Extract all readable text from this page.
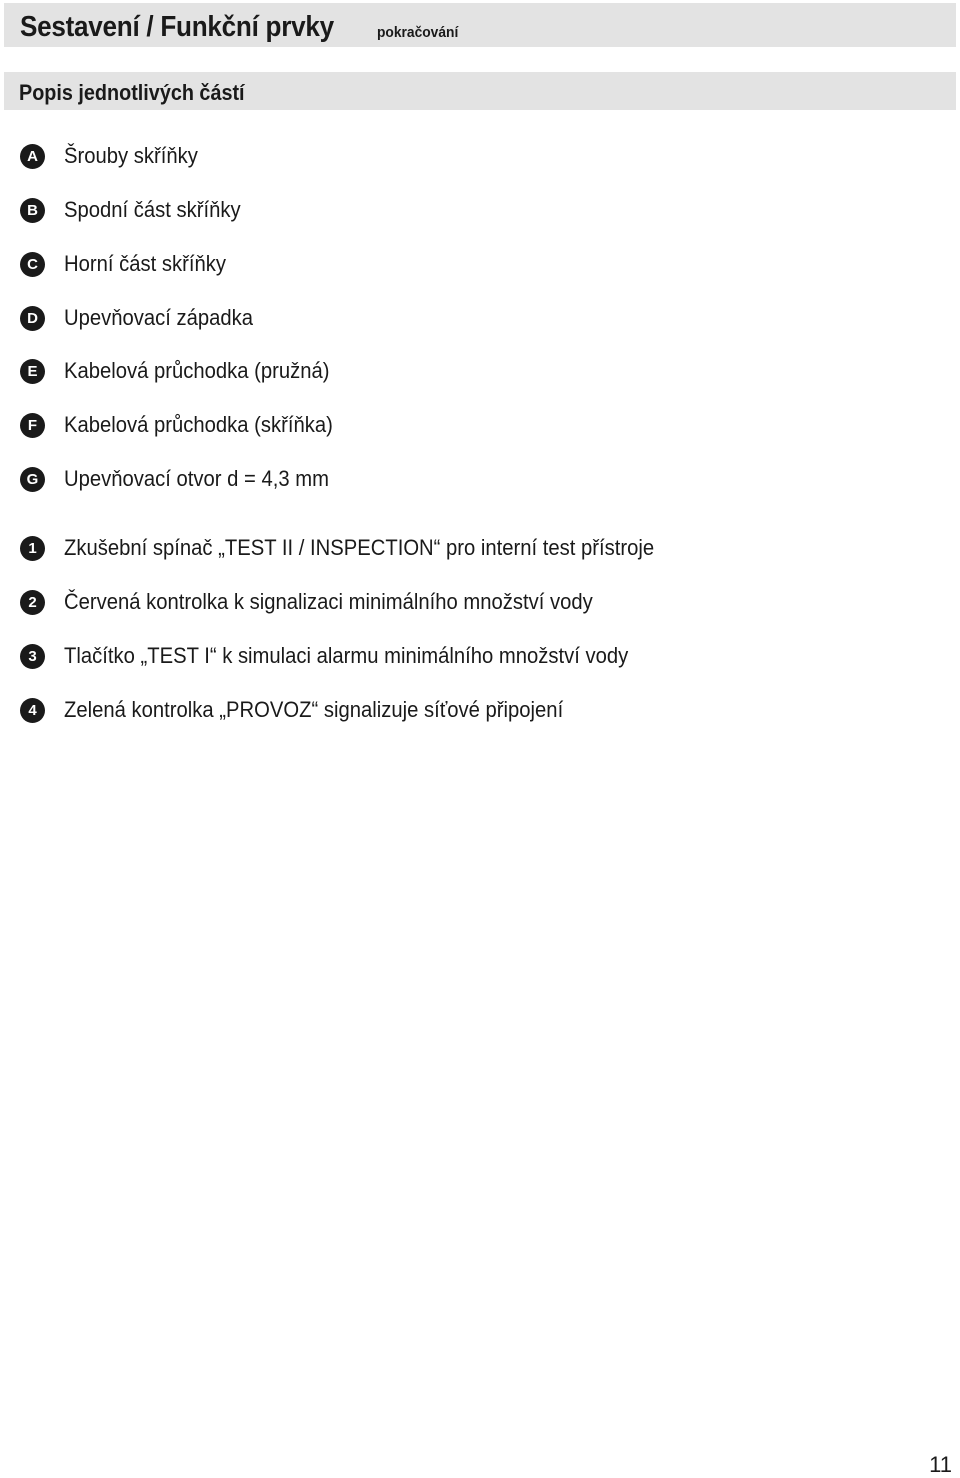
Sestavení / Funkční prvky	pokračování
Popis jednotlivých částí
A	Šrouby skříňky
B	Spodní část skříňky
C	Horní část skříňky
D	Upevňovací západka
E	Kabelová průchodka (pružná)
F	Kabelová průchodka (skříňka)
G	Upevňovací otvor d = 4,3 mm
1	Zkušební spínač „TEST II / INSPECTION“ pro interní test přístroje
2	Červená kontrolka k signalizaci minimálního množství vody
3	Tlačítko „TEST I“ k simulaci alarmu minimálního množství vody
4	Zelená kontrolka „PROVOZ“ signalizuje síťové připojení
11
